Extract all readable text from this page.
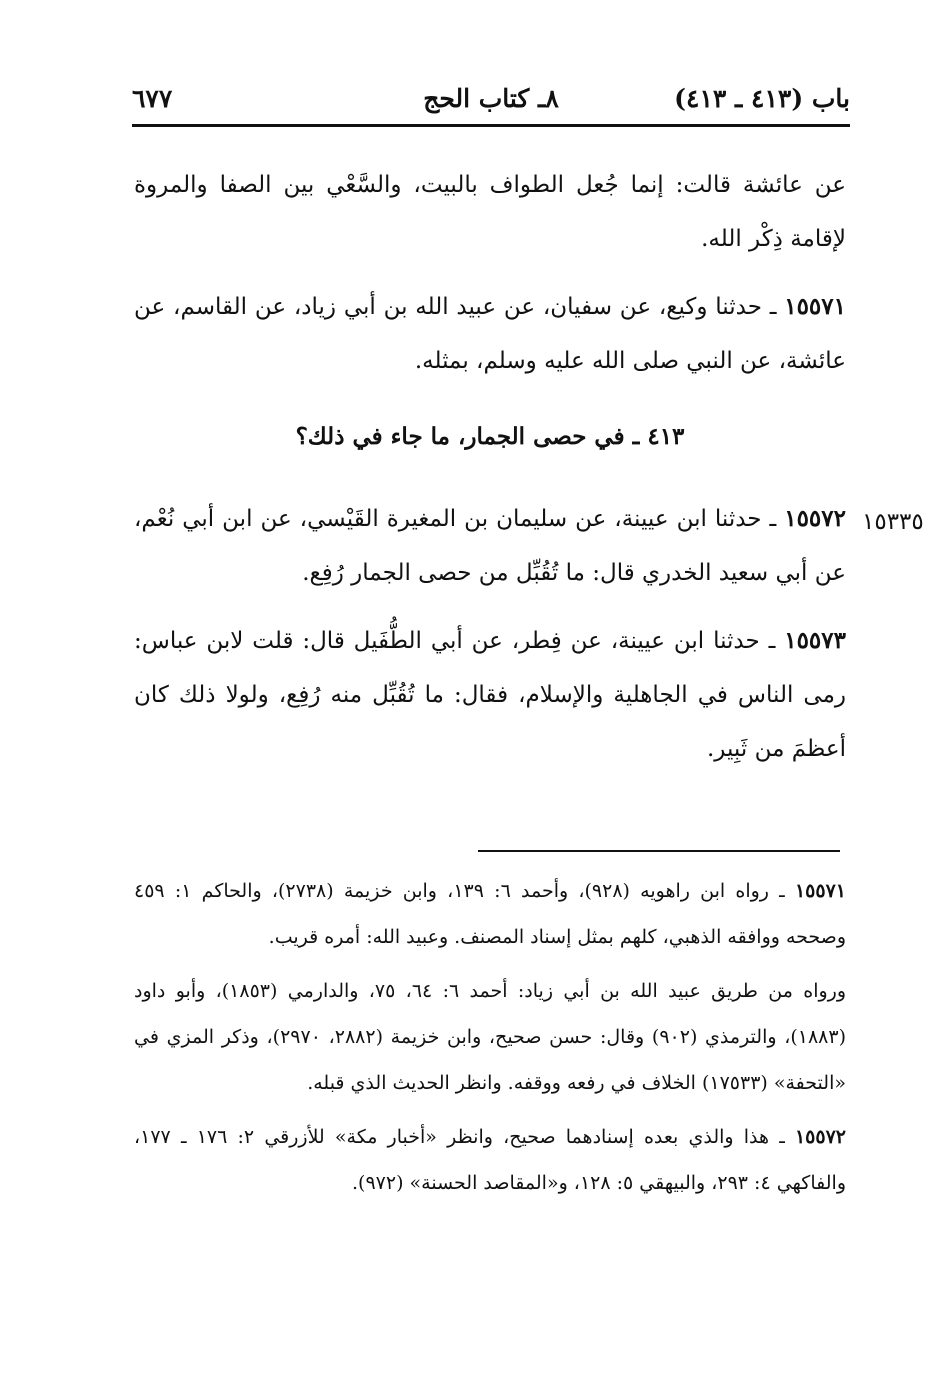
باب (٤١٣ ـ ٤١٣)
٨ـ كتاب الحج
٦٧٧

عن عائشة قالت: إنما جُعل الطواف بالبيت، والسَّعْي بين الصفا والمروة لإقامة ذِكْر الله.

١٥٥٧١ ـ حدثنا وكيع، عن سفيان، عن عبيد الله بن أبي زياد، عن القاسم، عن عائشة، عن النبي صلى الله عليه وسلم، بمثله.

٤١٣ ـ في حصى الجمار، ما جاء في ذلك؟
١٥٣٣٥

١٥٥٧٢ ـ حدثنا ابن عيينة، عن سليمان بن المغيرة القَيْسي، عن ابن أبي نُعْم، عن أبي سعيد الخدري قال: ما تُقُبِّل من حصى الجمار رُفِع.

١٥٥٧٣ ـ حدثنا ابن عيينة، عن فِطر، عن أبي الطُّفَيل قال: قلت لابن عباس: رمى الناس في الجاهلية والإسلام، فقال: ما تُقُبِّل منه رُفِع، ولولا ذلك كان أعظمَ من ثَبِير.

١٥٥٧١ ـ رواه ابن راهويه (٩٢٨)، وأحمد ٦: ١٣٩، وابن خزيمة (٢٧٣٨)، والحاكم ١: ٤٥٩ وصححه ووافقه الذهبي، كلهم بمثل إسناد المصنف. وعبيد الله: أمره قريب.

ورواه من طريق عبيد الله بن أبي زياد: أحمد ٦: ٦٤، ٧٥، والدارمي (١٨٥٣)، وأبو داود (١٨٨٣)، والترمذي (٩٠٢) وقال: حسن صحيح، وابن خزيمة (٢٨٨٢، ٢٩٧٠)، وذكر المزي في «التحفة» (١٧٥٣٣) الخلاف في رفعه ووقفه. وانظر الحديث الذي قبله.

١٥٥٧٢ ـ هذا والذي بعده إسنادهما صحيح، وانظر «أخبار مكة» للأزرقي ٢: ١٧٦ ـ ١٧٧، والفاكهي ٤: ٢٩٣، والبيهقي ٥: ١٢٨، و«المقاصد الحسنة» (٩٧٢).
